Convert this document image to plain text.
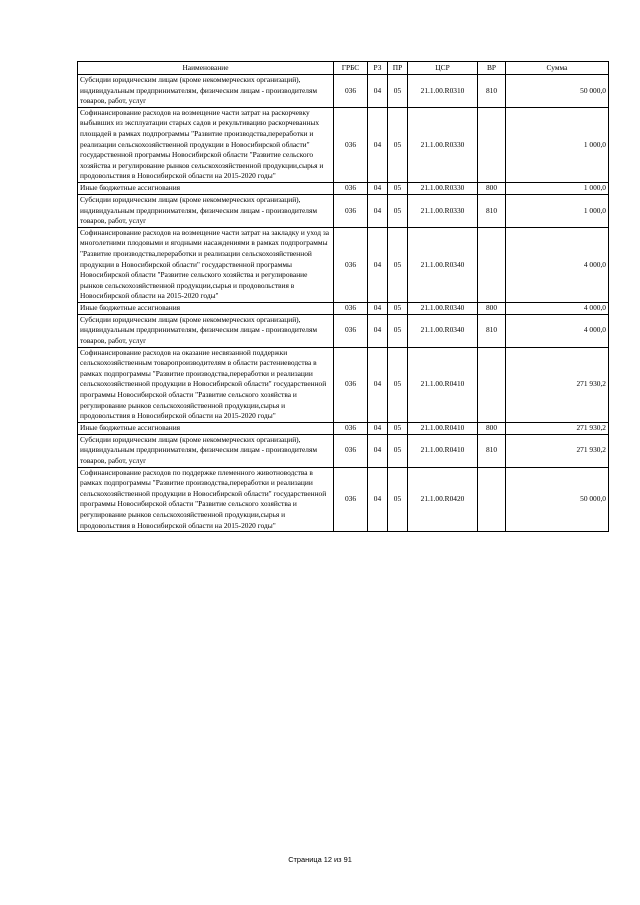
Наименование	ГРБС	РЗ	ПР	ЦСР	ВР	Сумма
Субсидии юридическим лицам (кроме некоммерческих организаций), индивидуальным предпринимателям, физическим лицам - производителям товаров, работ, услуг	036	04	05	21.1.00.R0310	810	50 000,0
Софинансирование расходов на возмещение части затрат на раскорчевку выбывших из эксплуатации старых садов и рекультивацию раскорчеванных площадей в рамках подпрограммы "Развитие производства,переработки и реализации сельскохозяйственной продукции в Новосибирской области" государственной программы Новосибирской области "Развитие сельского хозяйства и регулирование рынков сельскохозяйственной продукции,сырья и продовольствия в Новосибирской области на 2015-2020 годы"	036	04	05	21.1.00.R0330		1 000,0
Иные бюджетные ассигнования	036	04	05	21.1.00.R0330	800	1 000,0
Субсидии юридическим лицам (кроме некоммерческих организаций), индивидуальным предпринимателям, физическим лицам - производителям товаров, работ, услуг	036	04	05	21.1.00.R0330	810	1 000,0
Софинансирование расходов на возмещение части затрат на закладку и уход за многолетними плодовыми и ягодными насаждениями в рамках подпрограммы "Развитие производства,переработки и реализации сельскохозяйственной продукции в Новосибирской области" государственной программы Новосибирской области "Развитие сельского хозяйства и регулирование рынков сельскохозяйственной продукции,сырья и продовольствия в Новосибирской области на 2015-2020 годы"	036	04	05	21.1.00.R0340		4 000,0
Иные бюджетные ассигнования	036	04	05	21.1.00.R0340	800	4 000,0
Субсидии юридическим лицам (кроме некоммерческих организаций), индивидуальным предпринимателям, физическим лицам - производителям товаров, работ, услуг	036	04	05	21.1.00.R0340	810	4 000,0
Софинансирование расходов на оказание несвязанной поддержки сельскохозяйственным товаропроизводителям в области растениеводства в рамках подпрограммы "Развитие производства,переработки и реализации сельскохозяйственной продукции в Новосибирской области" государственной программы Новосибирской области "Развитие сельского хозяйства и регулирование рынков сельскохозяйственной продукции,сырья и продовольствия в Новосибирской области на 2015-2020 годы"	036	04	05	21.1.00.R0410		271 930,2
Иные бюджетные ассигнования	036	04	05	21.1.00.R0410	800	271 930,2
Субсидии юридическим лицам (кроме некоммерческих организаций), индивидуальным предпринимателям, физическим лицам - производителям товаров, работ, услуг	036	04	05	21.1.00.R0410	810	271 930,2
Софинансирование расходов по поддержке племенного животноводства в рамках подпрограммы "Развитие производства,переработки и реализации сельскохозяйственной продукции в Новосибирской области" государственной программы Новосибирской области "Развитие сельского хозяйства и регулирование рынков сельскохозяйственной продукции,сырья и продовольствия в Новосибирской области на 2015-2020 годы"	036	04	05	21.1.00.R0420		50 000,0
Страница 12 из 91
